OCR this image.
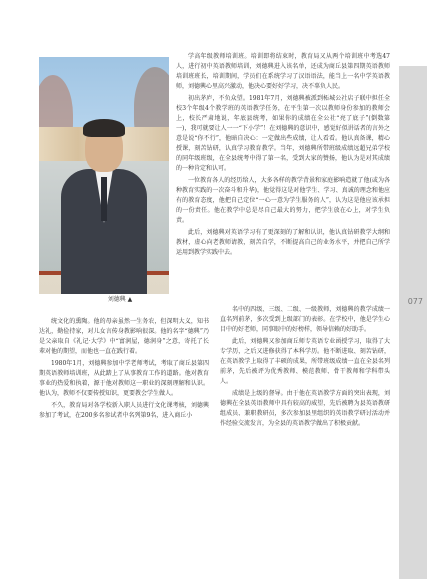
刘德興 ▲

学高年级教师培训班。培训即将结束时，教育局又从两个培训班中考选47人，进行初中英语教师培训，刘德興进入该名单，还成为商丘县第四期英语教师培训班班长，培训期间，学员们在系统学习了汉语语法，能当上一名中学英语教师，刘德興心里高兴激动，他决心要好好学习，决不辜负人民。

初出茅庐，不负众望。1981年7月，刘德興被派到柘城公社店子联中担任全校3个年级4个教学班的英语教学任务，在平生第一次以教师身份参加的教师会上，校长严肃地说，年底县统考，如果你的成绩在全公社“亮了底子”(倒数第一)，我可就要让人一一“下小学”！在刘德興的意识中，感觉好似讲话者的言外之意是说“你不行”，他暗自决心：一定做出些成绩，让人看看。他认真备课，精心授课，刻苦钻研，认真学习教育教学。当年，刘德興所带班级成绩远超兄弟学校的同年级班级，在全县统考中得了第一名，受到大家的赞扬，他认为是对其成绩的一种肯定和认可。

一位教育各人的经历给人，大多各样的教学背景和家庭影响造就了他(或为各种教育实践的一次奋斗和升华)，他觉得这是对他学生、学习、真诚的理念和他应有的教育态度，他把自己定位“一心一意为学生服务的人”，认为这是他应该承担的一份责任。他在教学中总是尽自己最大的努力，把学生放在心上，对学生负责。

此后，刘德興对英语学习有了更深刻的了解和认识，他认真钻研教学大纲和教材，虚心向老教师请教，刻苦自学，不断提高自己的业务水平，并把自己所学运用到教学实践中去。

统文化的熏陶。他的母亲虽然一生务农，但深明大义，知书达礼，勤俭持家，对儿女言传身教影响很深。他的名字“德興”乃是父亲取自《礼记·大学》中“富润屋，德润身”之意，寄托了长辈对他的期望，而他也一直在践行着。

1980年1月，刘德興参加中学老师考试，考取了商丘县第四期英语教师培训班，从此踏上了从事教育工作的道路。他对教育事业的热爱和执着，源于他对教师这一职业的深刻理解和认识。他认为，教师不仅要传授知识，更要教会学生做人。

不久，教育局对各学校新入职人员进行文化课考核，刘德興参加了考试，在200多名参试者中名列第9名，进入商丘小

名中的四级、三级、二级、一级教师，刘德興的教学成绩一直名列前茅，多次受到上级部门的表彰。在学校中，他是学生心目中的好老师，同事眼中的好榜样，领导信赖的好助手。

此后，刘德興又参加商丘师专英语专业函授学习，取得了大专学历，之后又进修获得了本科学历。他不断进取、刻苦钻研，在英语教学上取得了丰硕的成果，所带班级成绩一直在全县名列前茅，先后被评为优秀教师、模范教师、骨干教师和学科带头人。

成绩是上级的督导。由于他在英语教学方面的突出表现，刘德興在全县英语教师中具有较高的威望，先后被聘为县英语教研组成员、兼职教研员，多次参加县里组织的英语教学研讨活动并作经验交流发言，为全县的英语教学做出了积极贡献。

077
